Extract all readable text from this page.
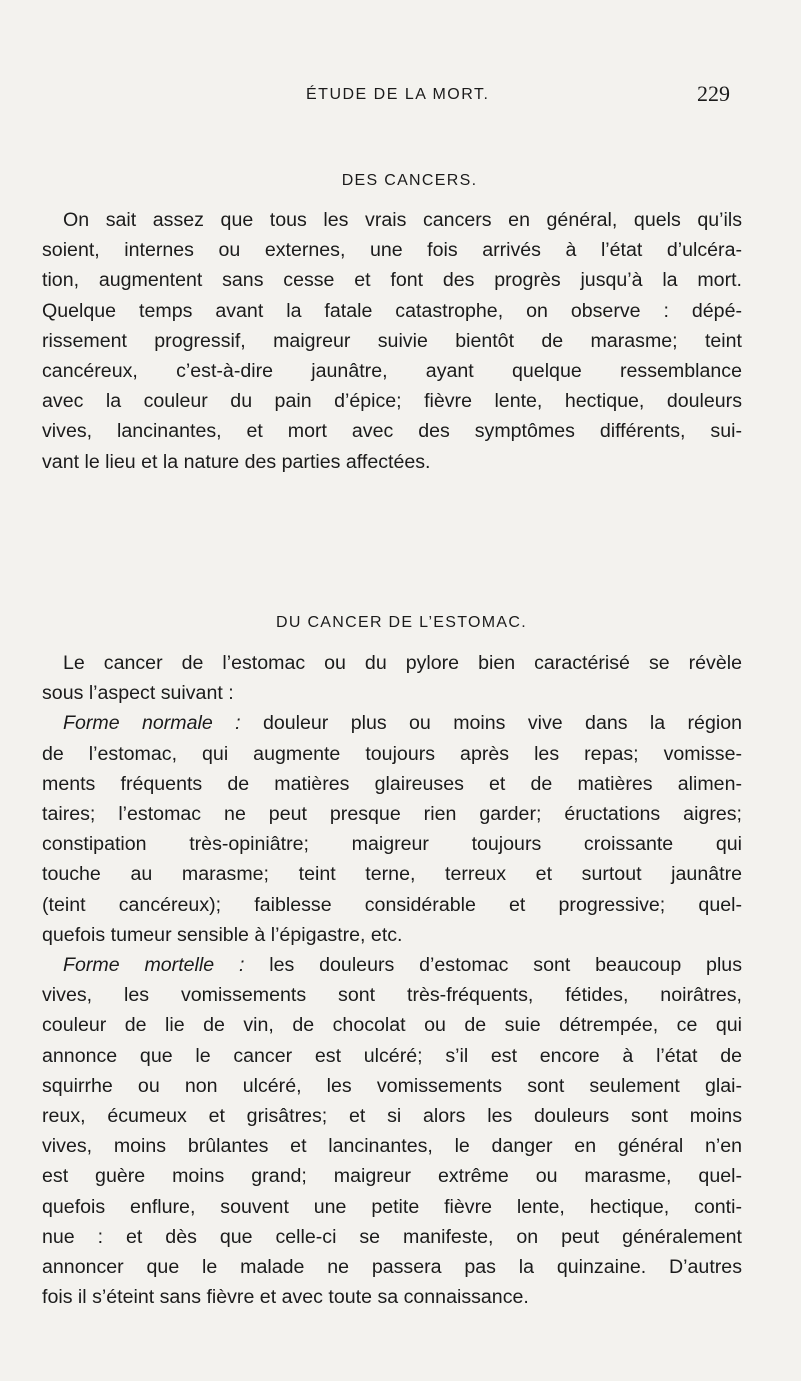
ÉTUDE DE LA MORT.	229
DES CANCERS.
On sait assez que tous les vrais cancers en général, quels qu’ils
soient, internes ou externes, une fois arrivés à l’état d’ulcéra-
tion, augmentent sans cesse et font des progrès jusqu’à la mort.
Quelque temps avant la fatale catastrophe, on observe : dépé-
rissement progressif, maigreur suivie bientôt de marasme; teint
cancéreux, c’est-à-dire jaunâtre, ayant quelque ressemblance
avec la couleur du pain d’épice; fièvre lente, hectique, douleurs
vives, lancinantes, et mort avec des symptômes différents, sui-
vant le lieu et la nature des parties affectées.
DU CANCER DE L’ESTOMAC.
Le cancer de l’estomac ou du pylore bien caractérisé se révèle
sous l’aspect suivant :
Forme normale : douleur plus ou moins vive dans la région
de l’estomac, qui augmente toujours après les repas; vomisse-
ments fréquents de matières glaireuses et de matières alimen-
taires; l’estomac ne peut presque rien garder; éructations aigres;
constipation très-opiniâtre; maigreur toujours croissante qui
touche au marasme; teint terne, terreux et surtout jaunâtre
(teint cancéreux); faiblesse considérable et progressive; quel-
quefois tumeur sensible à l’épigastre, etc.
Forme mortelle : les douleurs d’estomac sont beaucoup plus
vives, les vomissements sont très-fréquents, fétides, noirâtres,
couleur de lie de vin, de chocolat ou de suie détrempée, ce qui
annonce que le cancer est ulcéré; s’il est encore à l’état de
squirrhe ou non ulcéré, les vomissements sont seulement glai-
reux, écumeux et grisâtres; et si alors les douleurs sont moins
vives, moins brûlantes et lancinantes, le danger en général n’en
est guère moins grand; maigreur extrême ou marasme, quel-
quefois enflure, souvent une petite fièvre lente, hectique, conti-
nue : et dès que celle-ci se manifeste, on peut généralement
annoncer que le malade ne passera pas la quinzaine. D’autres
fois il s’éteint sans fièvre et avec toute sa connaissance.
